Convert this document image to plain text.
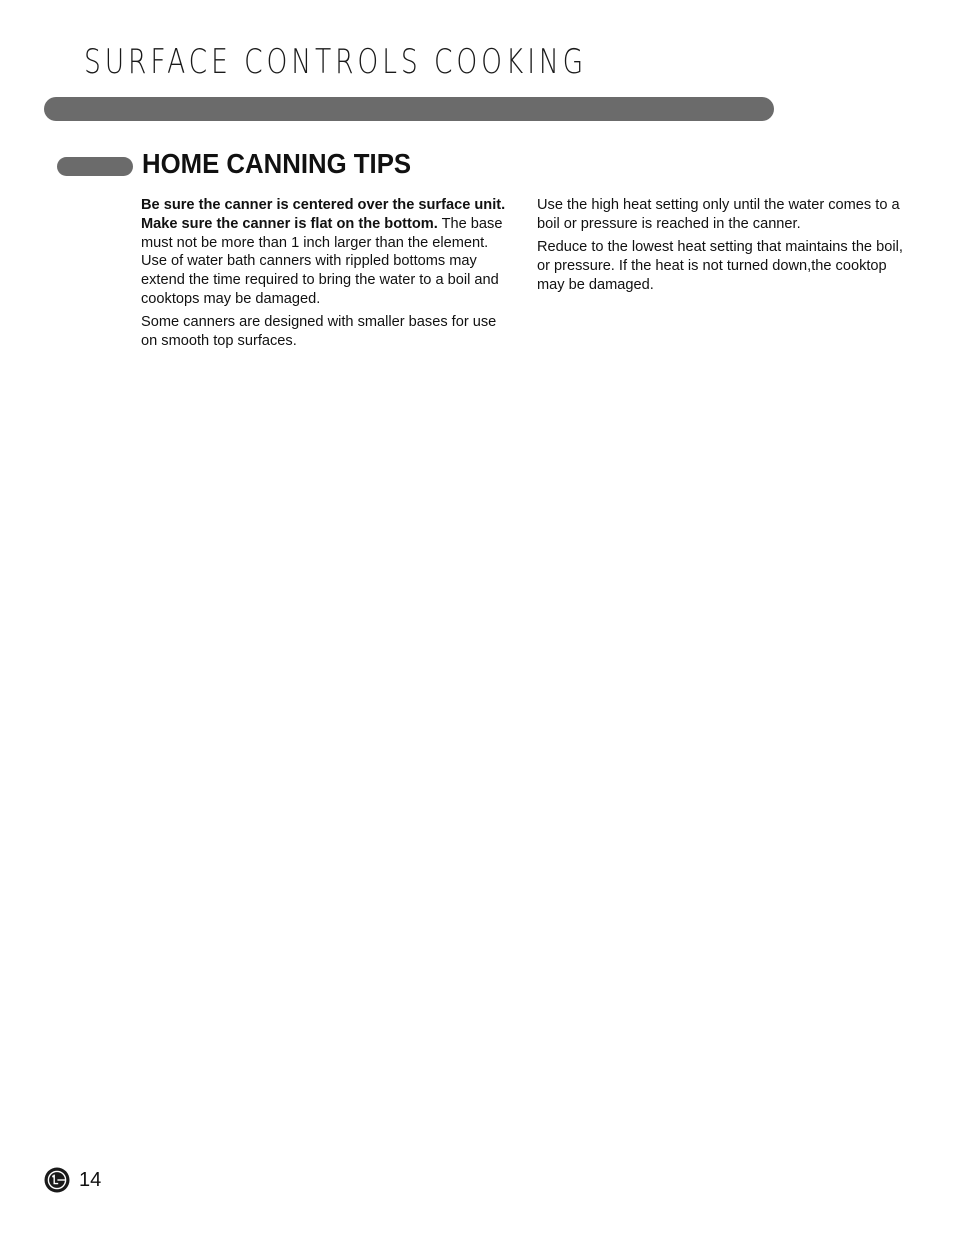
SURFACE CONTROLS COOKING
HOME CANNING TIPS

Be sure the canner is centered over the surface unit. Make sure the canner is flat on the bottom. The base must not be more than 1 inch larger than the element. Use of water bath canners with rippled bottoms may extend the time required to bring the water to a boil and cooktops may be damaged.

Some canners are designed with smaller bases for use on smooth top surfaces.

Use the high heat setting only until the water comes to a boil or pressure is reached in the canner.

Reduce to the lowest heat setting that maintains the boil, or pressure. If the heat is not turned down,the cooktop may be damaged.

14
